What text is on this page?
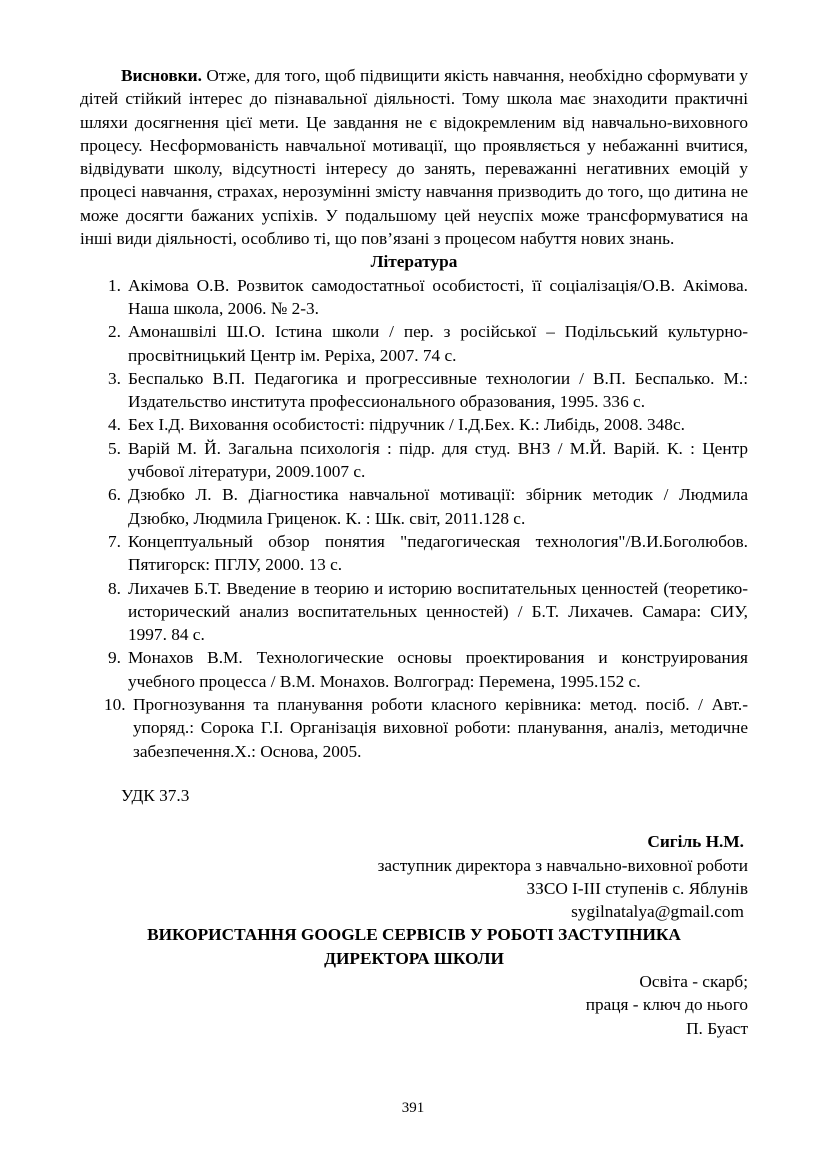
Висновки. Отже, для того, щоб підвищити якість навчання, необхідно сформувати у дітей стійкий інтерес до пізнавальної діяльності. Тому школа має знаходити практичні шляхи досягнення цієї мети. Це завдання не є відокремленим від навчально-виховного процесу. Несформованість навчальної мотивації, що проявляється у небажанні вчитися, відвідувати школу, відсутності інтересу до занять, переважанні негативних емоцій у процесі навчання, страхах, нерозумінні змісту навчання призводить до того, що дитина не може досягти бажаних успіхів. У подальшому цей неуспіх може трансформуватися на інші види діяльності, особливо ті, що пов’язані з процесом набуття нових знань.

Література

1. Акімова О.В. Розвиток самодостатньої особистості, її соціалізація/О.В. Акімова. Наша школа, 2006. № 2-3.
2. Амонашвілі Ш.О. Істина школи / пер. з російської – Подільський культурно-просвітницький Центр ім. Реріха, 2007. 74 с.
3. Беспалько В.П. Педагогика и прогрессивные технологии / В.П. Беспалько. М.: Издательство института профессионального образования, 1995. 336 с.
4. Бех І.Д. Виховання особистості: підручник / І.Д.Бех. К.: Либідь, 2008. 348с.
5. Варій М. Й. Загальна психологія : підр. для студ. ВНЗ / М.Й. Варій. К. : Центр учбової літератури, 2009.1007 с.
6. Дзюбко Л. В. Діагностика навчальної мотивації: збірник методик / Людмила Дзюбко, Людмила Гриценок. К. : Шк. світ, 2011.128 с.
7. Концептуальный обзор понятия "педагогическая технология"/В.И.Боголюбов. Пятигорск: ПГЛУ, 2000. 13 с.
8. Лихачев Б.Т. Введение в теорию и историю воспитательных ценностей (теоретико-исторический анализ воспитательных ценностей) / Б.Т. Лихачев. Самара: СИУ, 1997. 84 с.
9. Монахов В.М. Технологические основы проектирования и конструирования учебного процесса / В.М. Монахов. Волгоград: Перемена, 1995.152 с.
10. Прогнозування та планування роботи класного керівника: метод. посіб. / Авт.-упоряд.: Сорока Г.І. Організація виховної роботи: планування, аналіз, методичне забезпечення.Х.: Основа, 2005.

УДК 37.3

Сигіль Н.М.

заступник директора з навчально-виховної роботи

ЗЗСО І-ІІІ ступенів с. Яблунів

sygilnatalya@gmail.com

ВИКОРИСТАННЯ GOOGLE СЕРВІСІВ У РОБОТІ ЗАСТУПНИКА

ДИРЕКТОРА ШКОЛИ

Освіта - скарб;

праця - ключ до нього

П. Буаст

391
